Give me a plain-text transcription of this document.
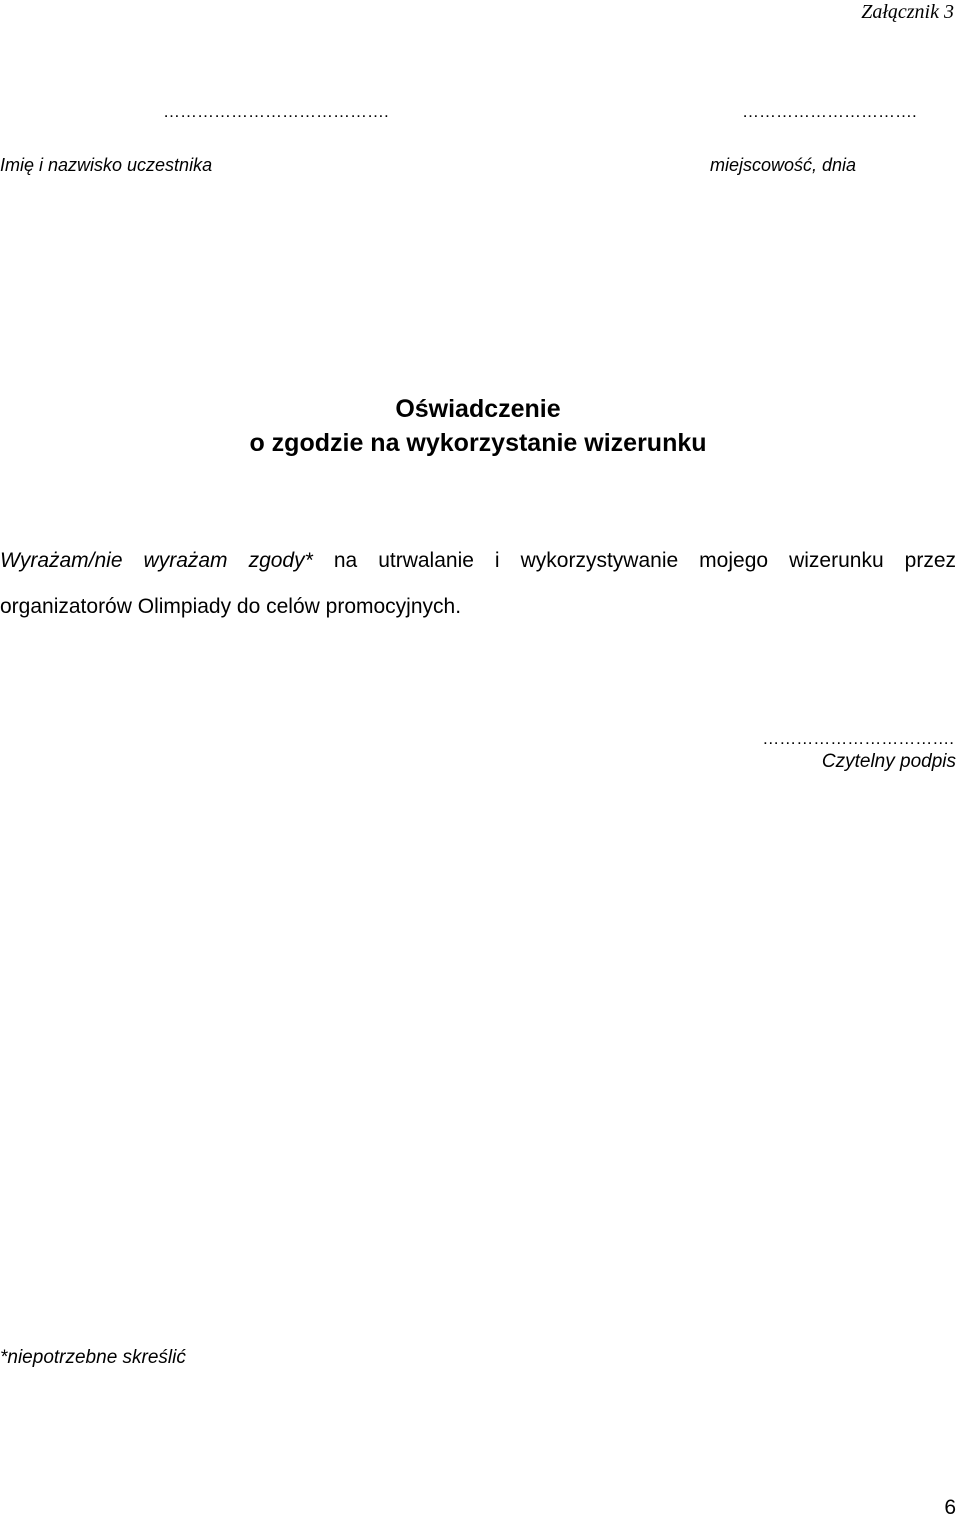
Załącznik 3
………………………………….	………………………….
Imię i nazwisko uczestnika	miejscowość, dnia
Oświadczenie
o zgodzie na wykorzystanie wizerunku
Wyrażam/nie wyrażam zgody* na utrwalanie i wykorzystywanie mojego wizerunku przez organizatorów Olimpiady do celów promocyjnych.
…………………………….
Czytelny podpis
*niepotrzebne skreślić
6
